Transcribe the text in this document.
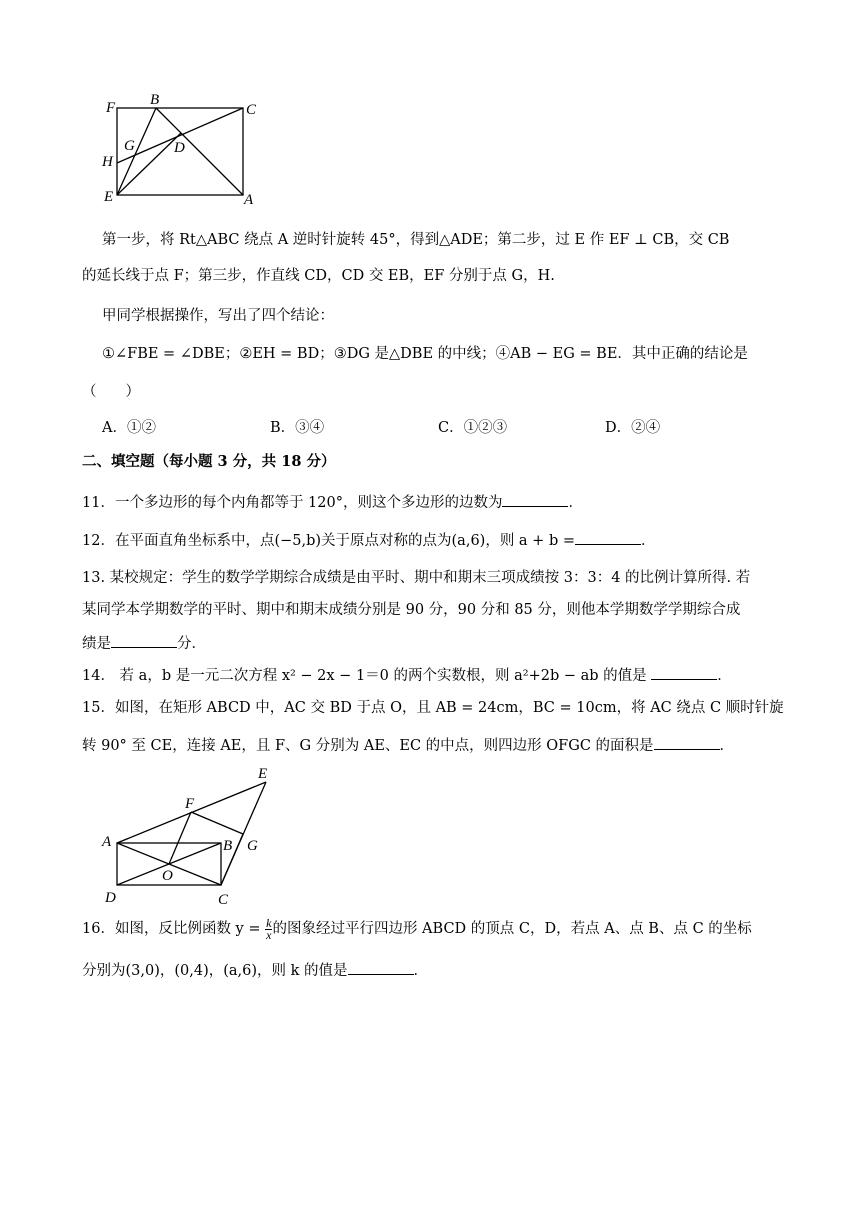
F B
C
G	D
H
E	A
第一步，将 Rt△ABC 绕点 A 逆时针旋转 45°，得到△ADE；第二步，过 E 作 EF ⊥ CB，交 CB
的延长线于点 F；第三步，作直线 CD，CD 交 EB，EF 分别于点 G，H.
甲同学根据操作，写出了四个结论：
①∠FBE = ∠DBE；②EH = BD；③DG 是△DBE 的中线；④AB − EG = BE．其中正确的结论是
（　　）
A．①②	B．③④	C．①②③	D．②④
二、填空题（每小题 3 分，共 18 分）
11．一个多边形的每个内角都等于 120°，则这个多边形的边数为	．
12．在平面直角坐标系中，点(−5,b)关于原点对称的点为(a,6)，则 a + b =	．
13. 某校规定：学生的数学学期综合成绩是由平时、期中和期末三项成绩按 3：3：4 的比例计算所得. 若
某同学本学期数学的平时、期中和期末成绩分别是 90 分，90 分和 85 分，则他本学期数学学期综合成
绩是	分．
14． 若 a，b 是一元二次方程 x² − 2x − 1＝0 的两个实数根，则 a²+2b − ab 的值是	．
15．如图，在矩形 ABCD 中，AC 交 BD 于点 O，且 AB = 24cm，BC = 10cm，将 AC 绕点 C 顺时针旋
转 90° 至 CE，连接 AE，且 F、G 分别为 AE、EC 的中点，则四边形 OFGC 的面积是	．
E
F
A	B G
O
D	C
16．如图，反比例函数 $y = \frac{k}{x}$ 的图象经过平行四边形 ABCD 的顶点 C，D，若点 A、点 B、点 C 的坐标
分别为(3,0)，(0,4)，(a,6)，则 k 的值是	．
